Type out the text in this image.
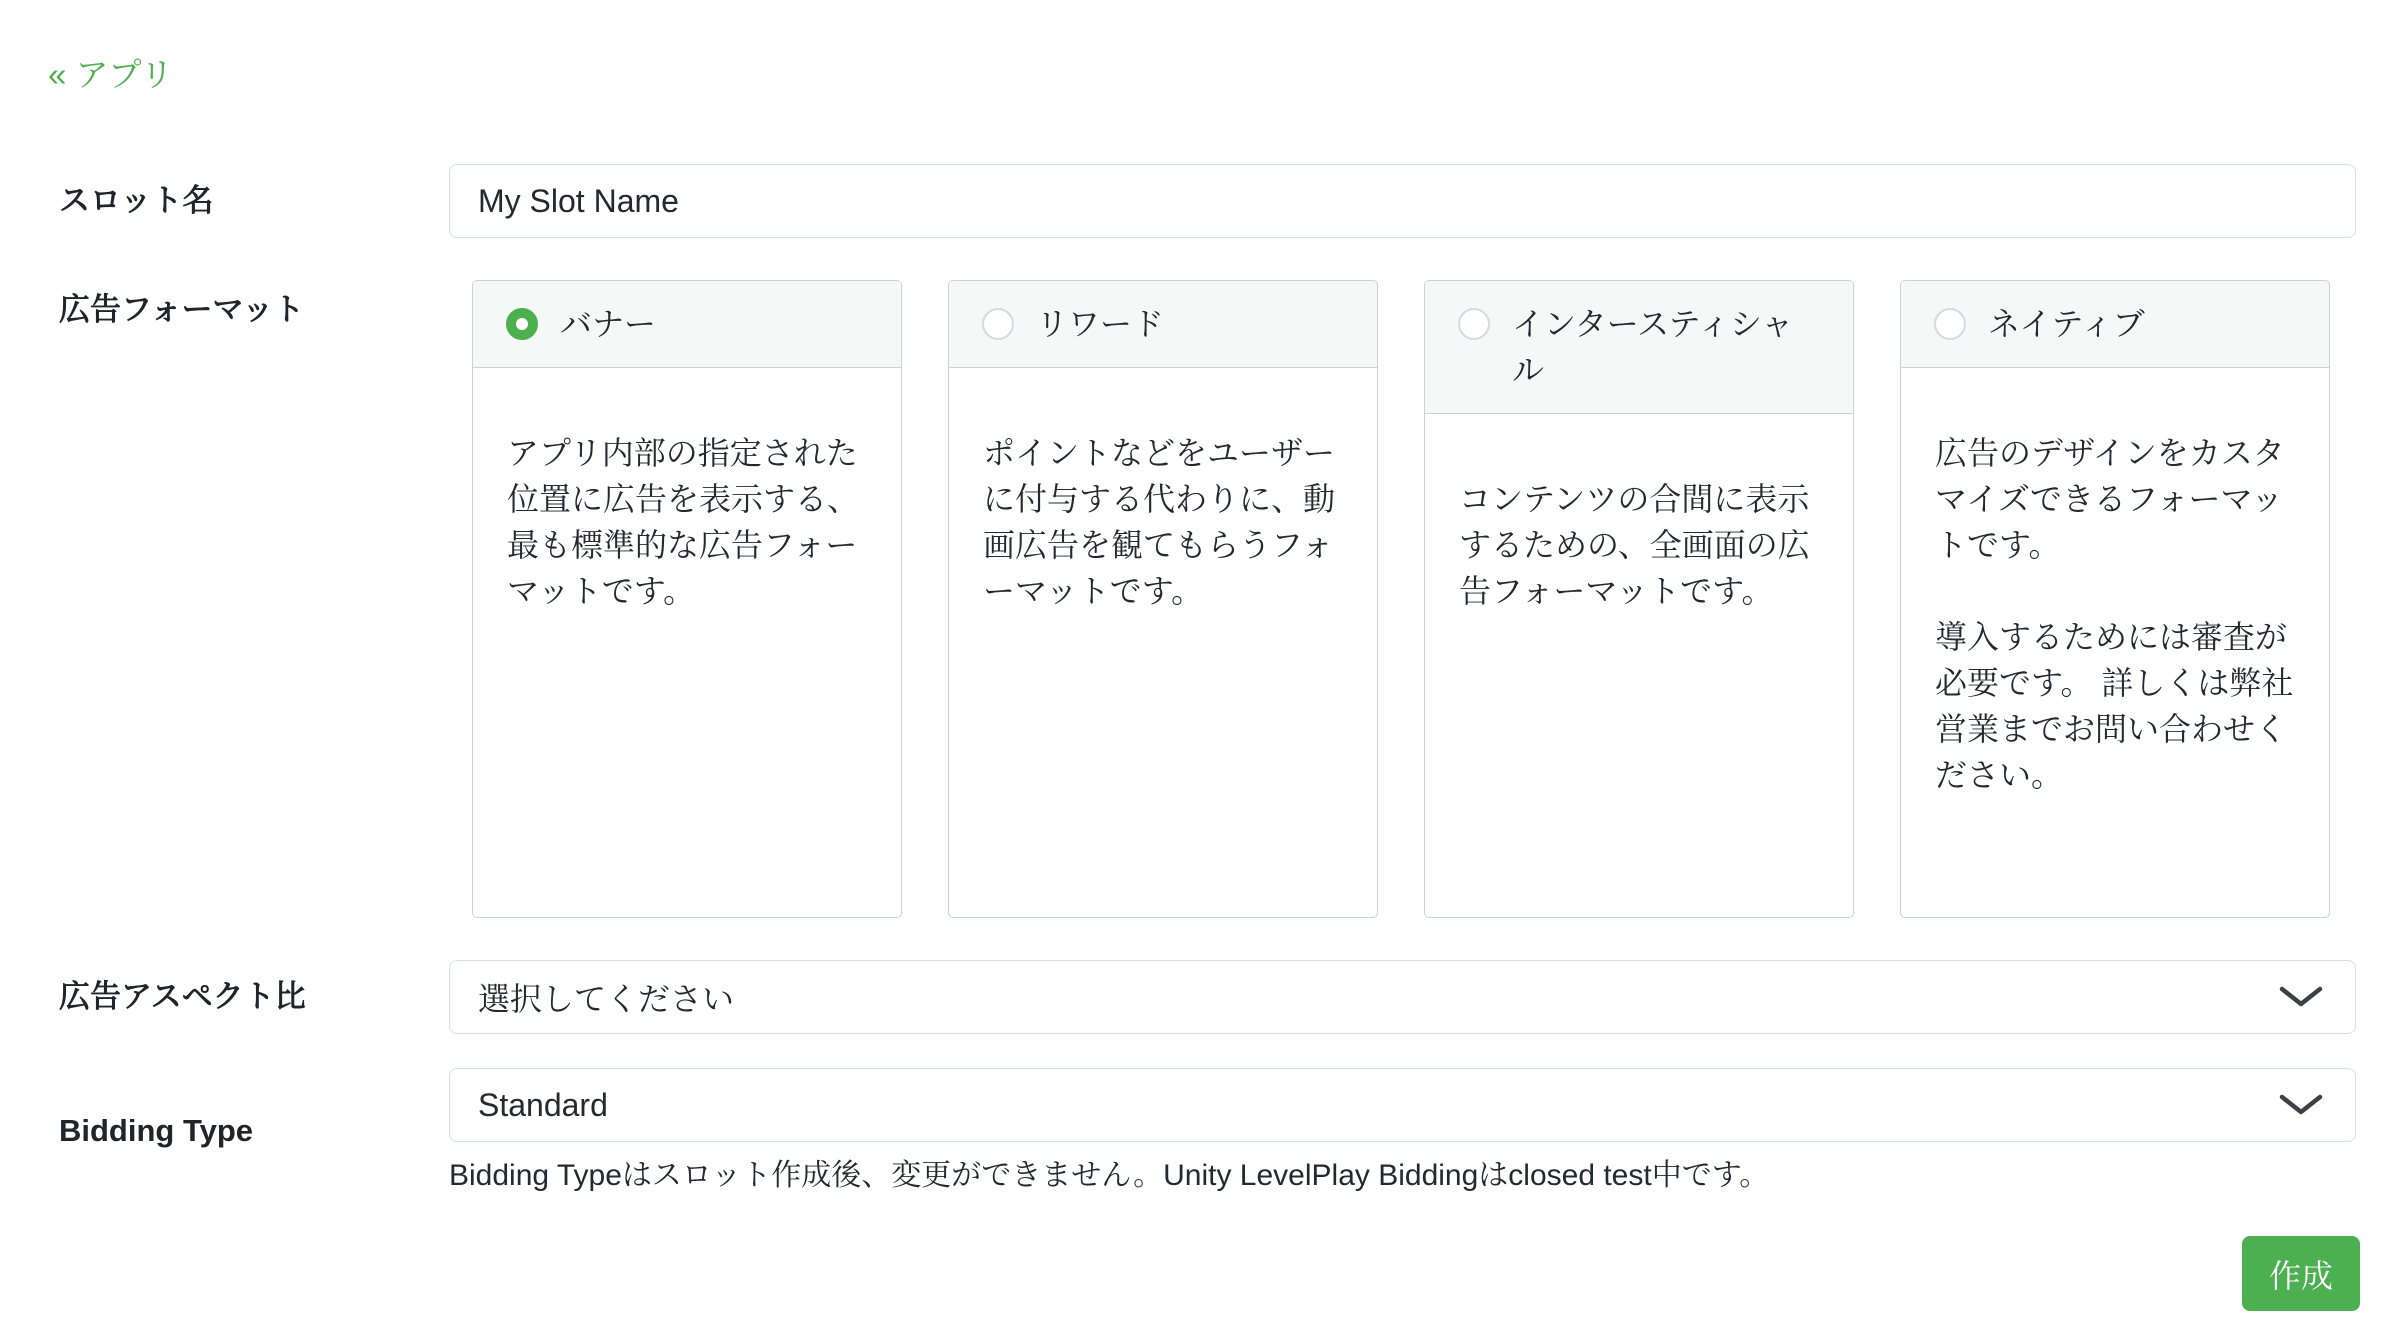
« アプリ
スロット名
My Slot Name
広告フォーマット	バナー

アプリ内部の指定された位置に広告を表示する、最も標準的な広告フォーマットです。

リワード

ポイントなどをユーザーに付与する代わりに、動画広告を観てもらうフォーマットです。

インタースティシャル

コンテンツの合間に表示するための、全画面の広告フォーマットです。

ネイティブ

広告のデザインをカスタマイズできるフォーマットです。

導入するためには審査が必要です。 詳しくは弊社営業までお問い合わせください。

広告アスペクト比	選択してください
Bidding Type
Standard
Bidding Typeはスロット作成後、変更ができません。Unity LevelPlay Biddingはclosed test中です。
作成
